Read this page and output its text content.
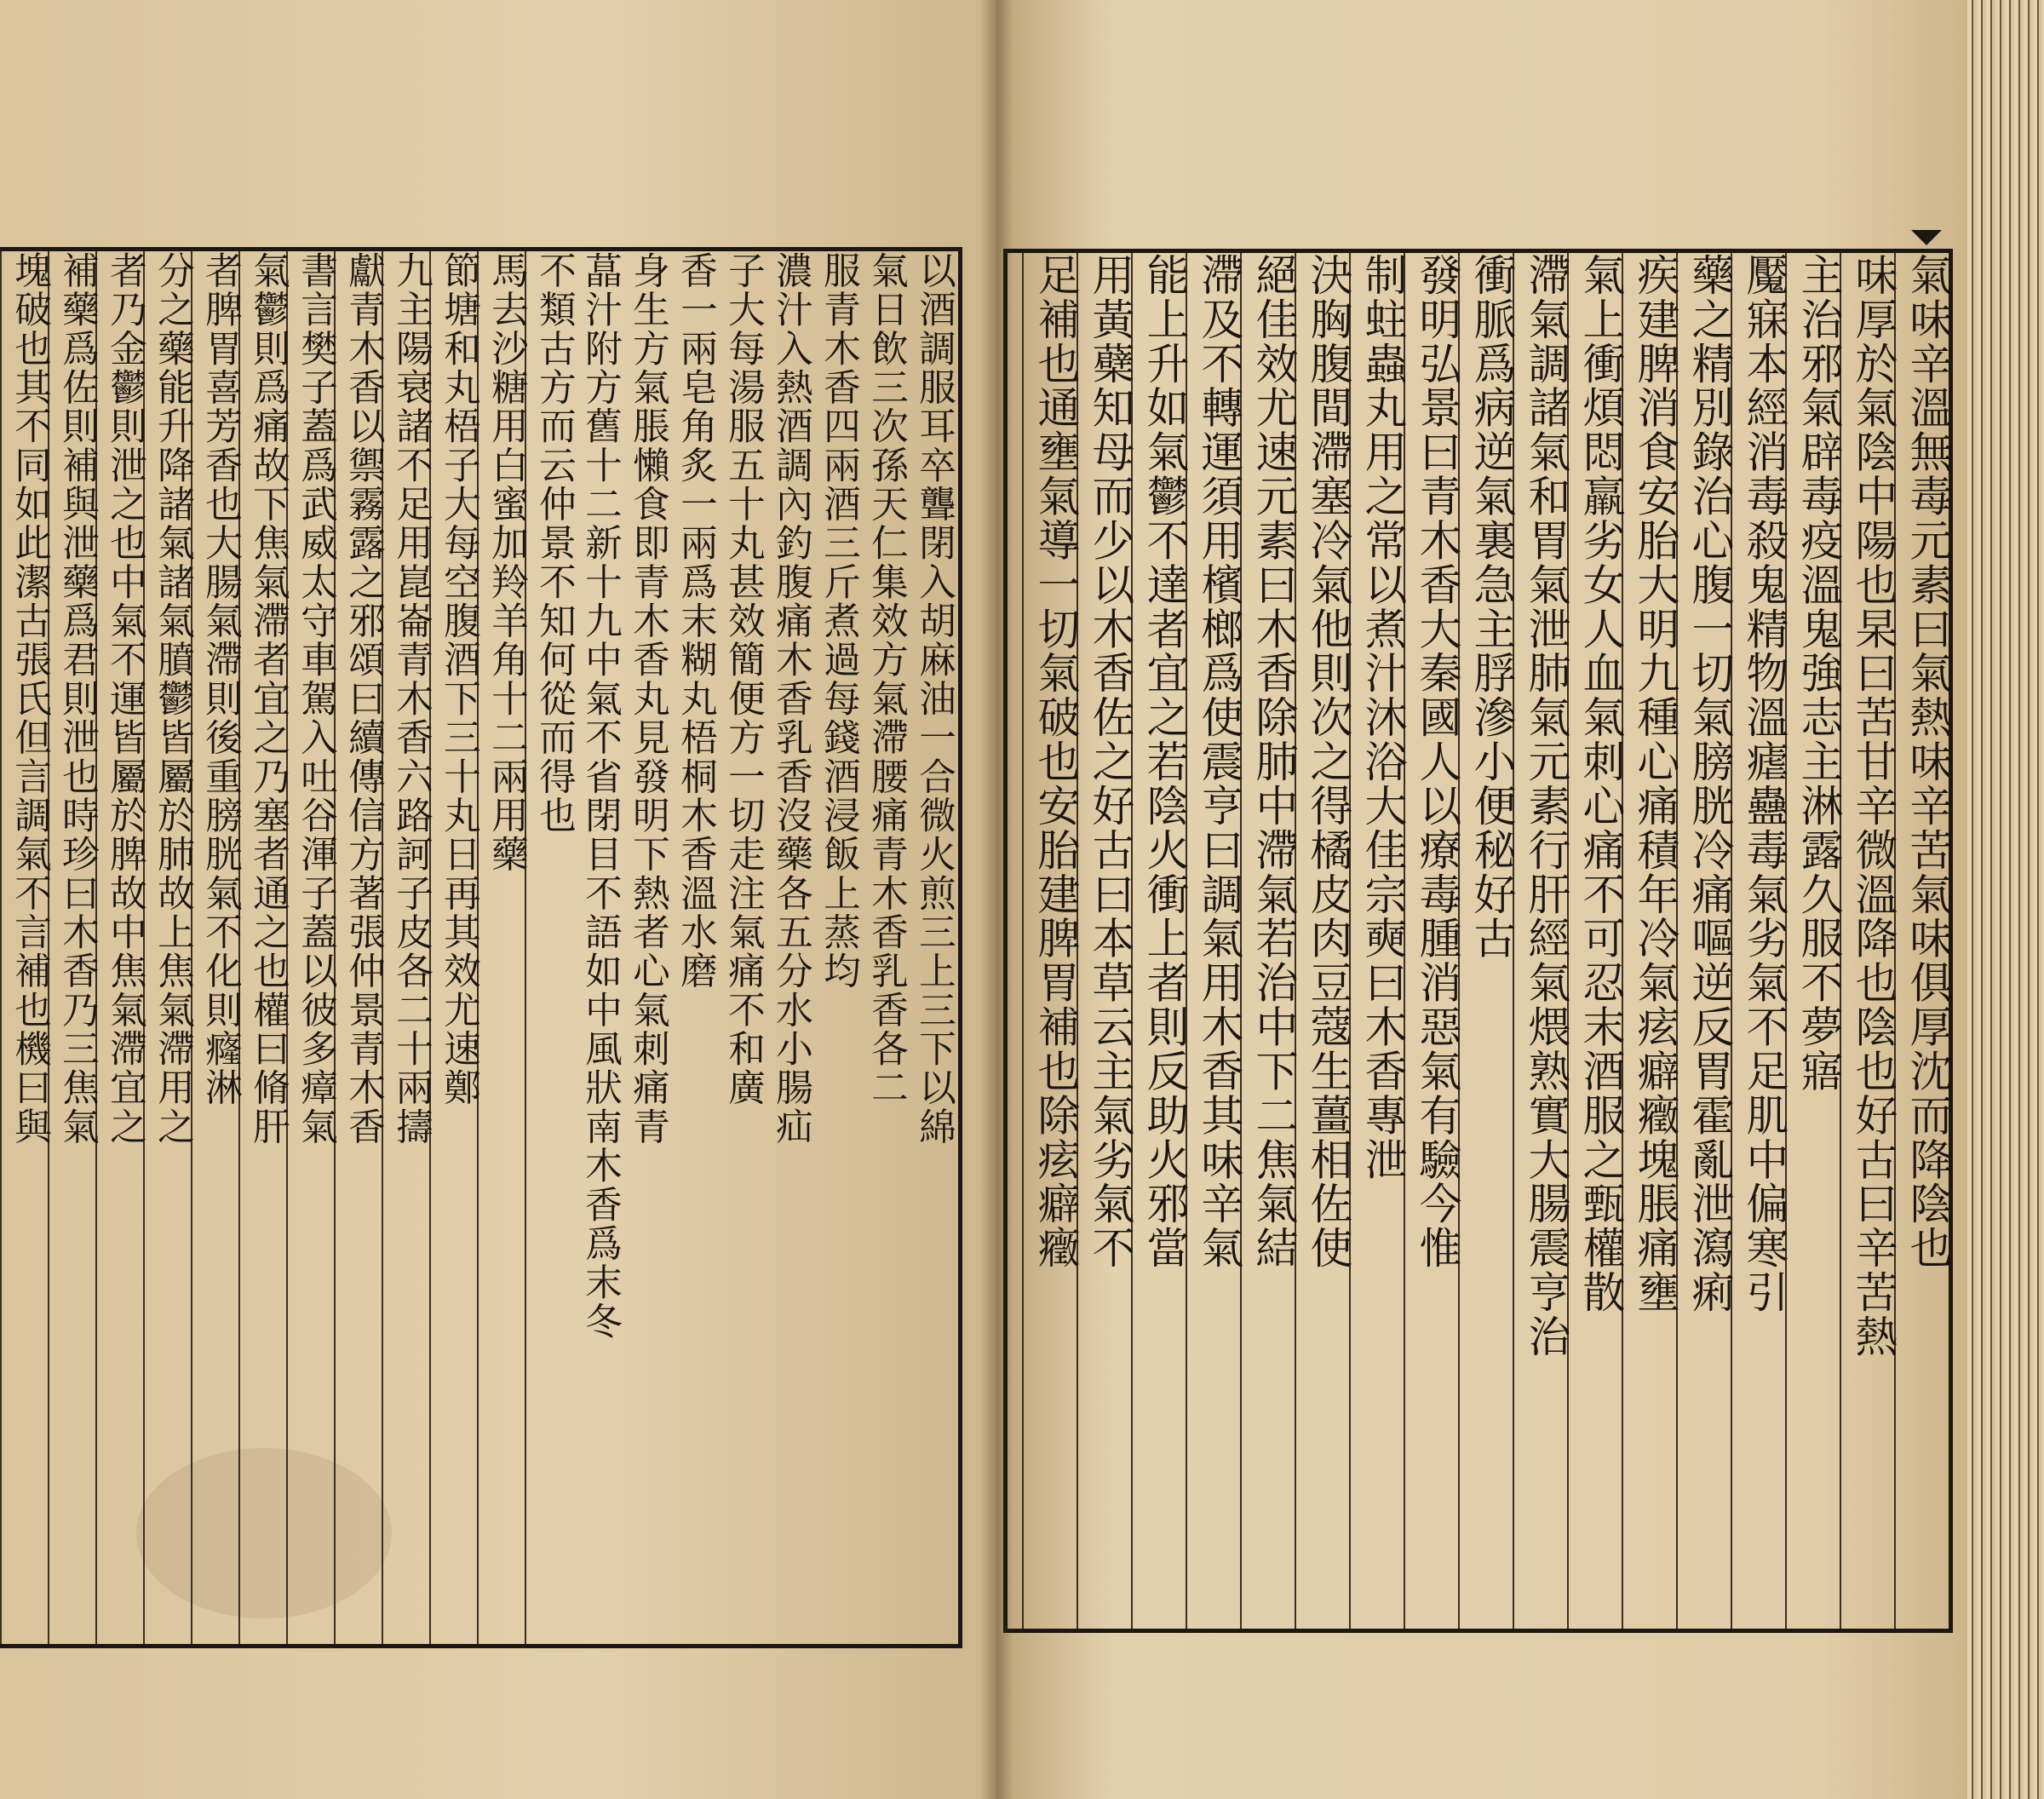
以酒調服耳卒聾閉入胡麻油一合微火煎三上三下以綿
氣日飲三次孫天仁集效方氣滯腰痛青木香乳香各二
服青木香四兩酒三斤煮過每錢酒浸飯上蒸均
濃汁入熱酒調內釣腹痛木香乳香沒藥各五分水小腸疝
子大每湯服五十丸甚效簡便方一切走注氣痛不和廣
香一兩皂角炙一兩爲末糊丸梧桐木香溫水磨
身生方氣脹懶食即青木香丸見發明下熱者心氣刺痛青
蕌汁附方舊十二新十九中氣不省閉目不語如中風狀南木香爲末冬
不類古方而云仲景不知何從而得也
馬去沙糖用白蜜加羚羊角十二兩用藥
節塘和丸梧子大每空腹酒下三十丸日再其效尤速鄭
九主陽衰諸不足用崑崙青木香六路訶子皮各二十兩擣
獻青木香以禦霧露之邪頌曰續傳信方著張仲景青木香
書言樊子蓋爲武威太守車駕入吐谷渾子蓋以彼多瘴氣
氣鬱則爲痛故下焦氣滯者宜之乃塞者通之也權曰脩肝
者脾胃喜芳香也大腸氣滯則後重膀胱氣不化則癃淋
分之藥能升降諸氣諸氣膹鬱皆屬於肺故上焦氣滯用之
者乃金鬱則泄之也中氣不運皆屬於脾故中焦氣滯宜之
補藥爲佐則補與泄藥爲君則泄也時珍曰木香乃三焦氣
塊破也其不同如此潔古張氏但言調氣不言補也機曰與	氣味辛溫無毒元素曰氣熱味辛苦氣味俱厚沈而降陰也
味厚於氣陰中陽也杲曰苦甘辛微溫降也陰也好古曰辛苦熱
主治邪氣辟毒疫溫鬼強志主淋露久服不夢寤
魘寐本經消毒殺鬼精物溫瘧蠱毒氣劣氣不足肌中偏寒引
藥之精別錄治心腹一切氣膀胱冷痛嘔逆反胃霍亂泄瀉痢
疾建脾消食安胎大明九種心痛積年冷氣痃癖癥塊脹痛壅
氣上衝煩悶羸劣女人血氣刺心痛不可忍末酒服之甄權散
滯氣調諸氣和胃氣泄肺氣元素行肝經氣煨熟實大腸震亨治
衝脈爲病逆氣裏急主脬滲小便秘好古
發明弘景曰青木香大秦國人以療毒腫消惡氣有驗今惟
制蛀蟲丸用之常以煮汁沐浴大佳宗奭曰木香專泄
決胸腹間滯塞冷氣他則次之得橘皮肉豆蔻生薑相佐使
絕佳效尤速元素曰木香除肺中滯氣若治中下二焦氣結
滯及不轉運須用檳榔爲使震亨曰調氣用木香其味辛氣
能上升如氣鬱不達者宜之若陰火衝上者則反助火邪當
用黃蘗知母而少以木香佐之好古曰本草云主氣劣氣不
足補也通壅氣導一切氣破也安胎建脾胃補也除痃癖癥
